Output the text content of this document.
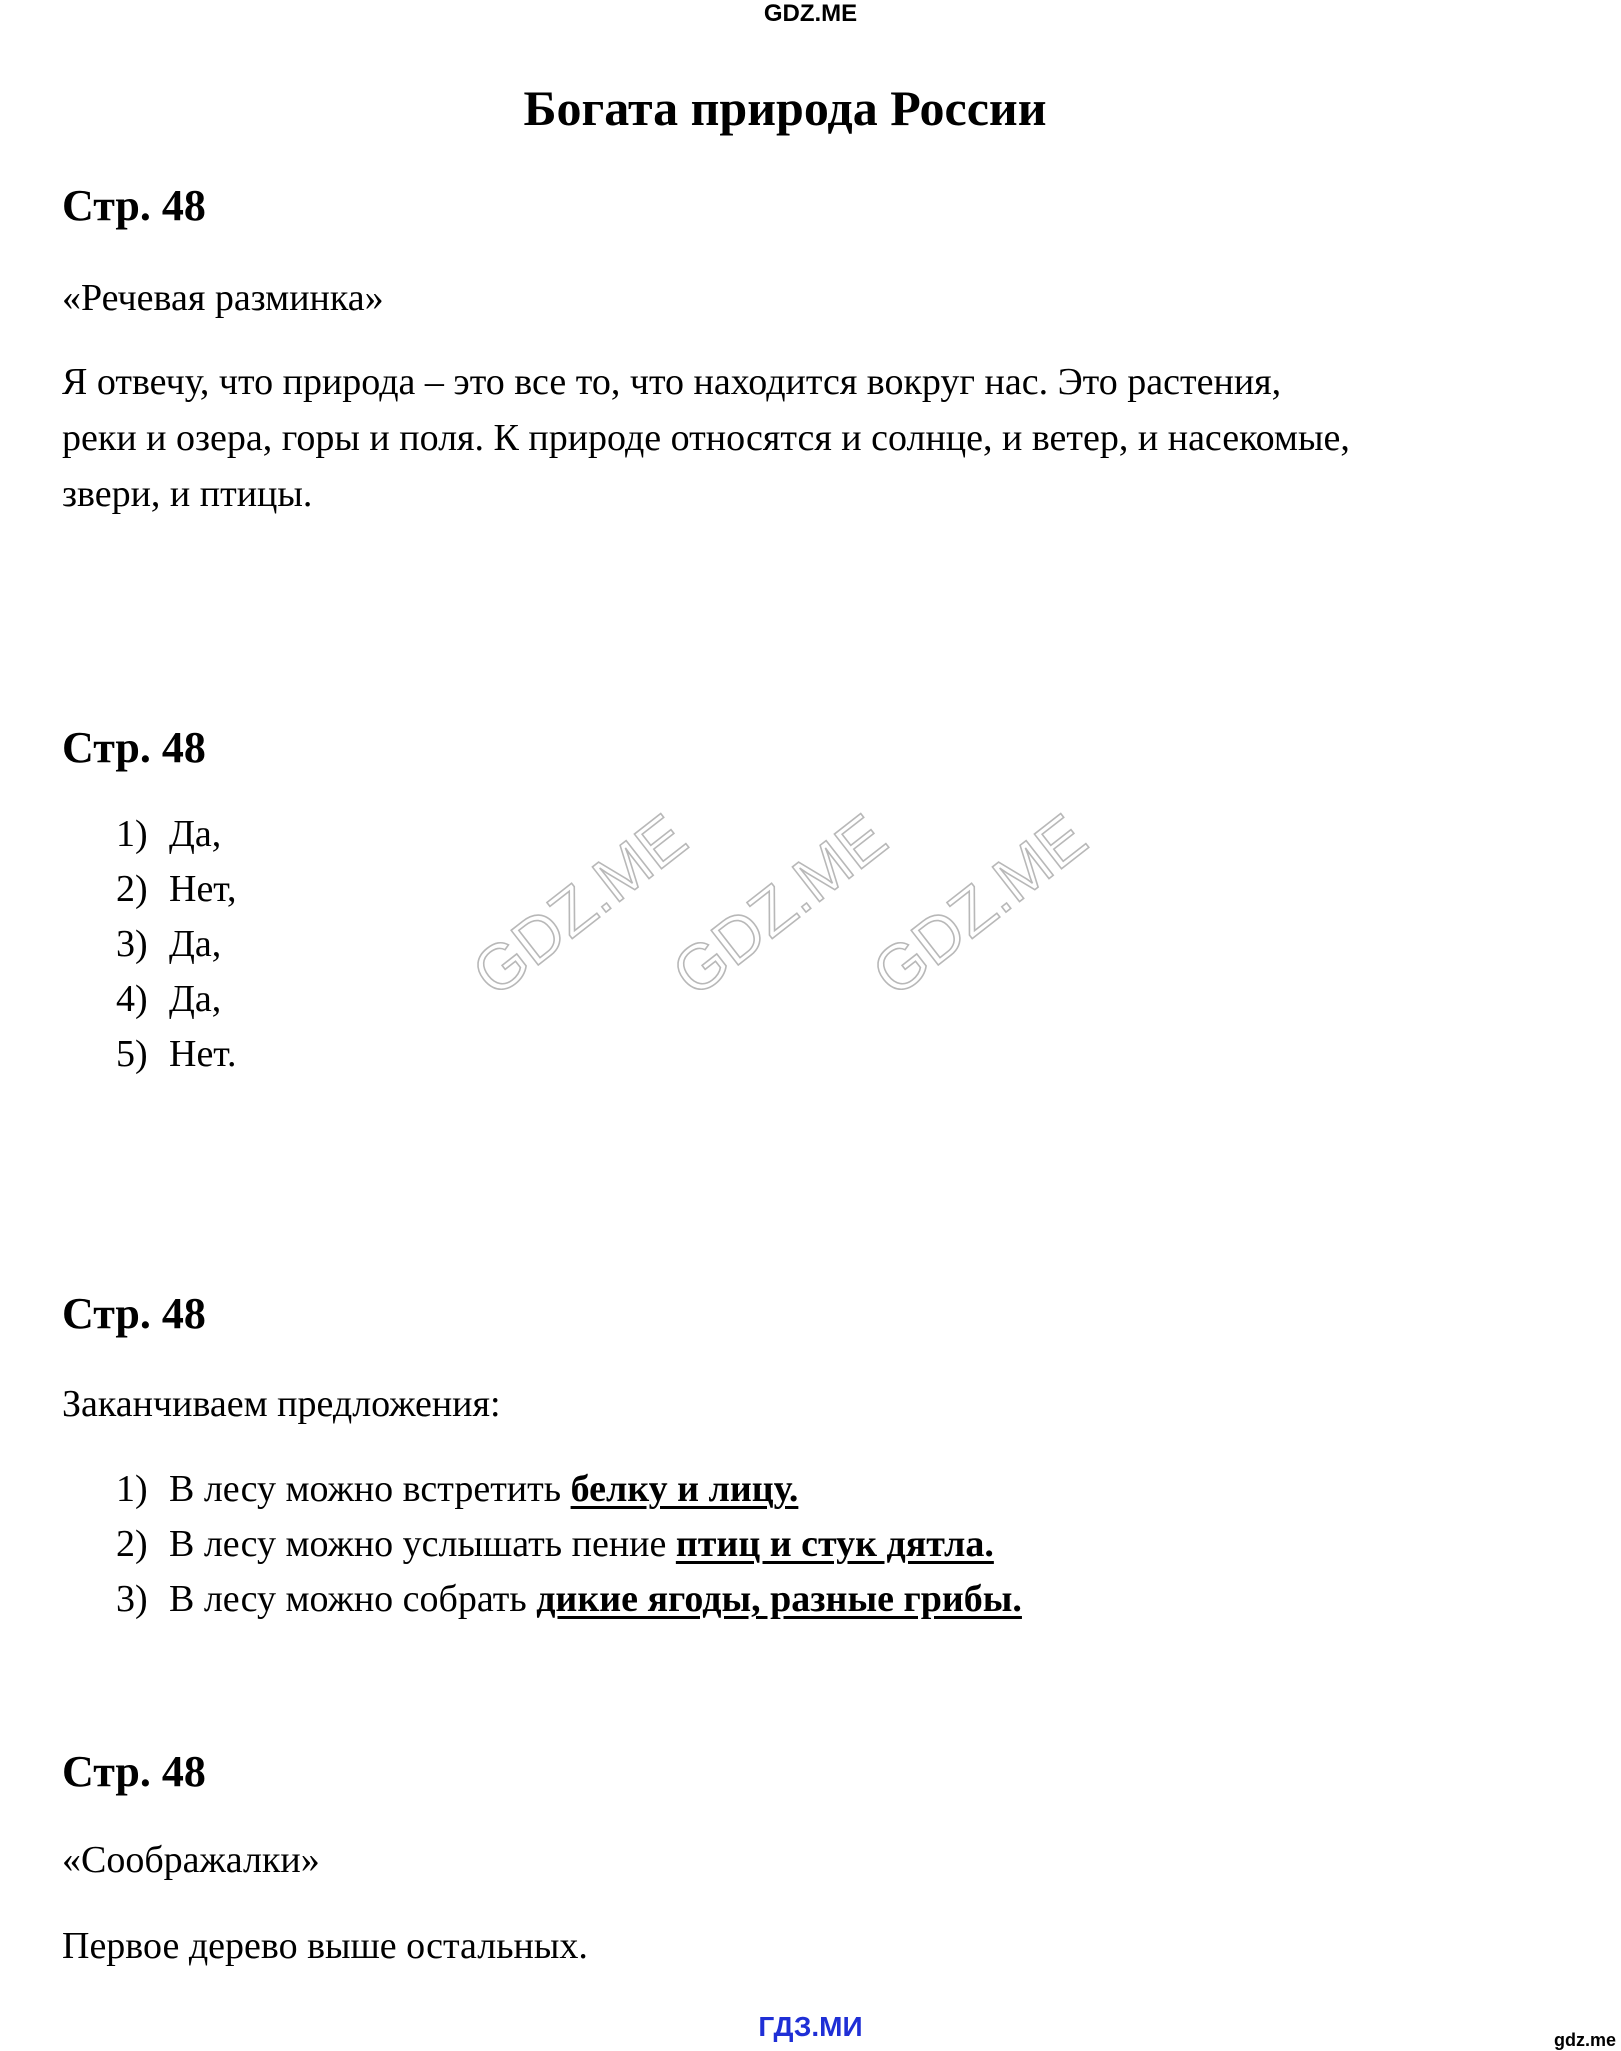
GDZ.ME
Богата природа России
Стр. 48
«Речевая разминка»
Я отвечу, что природа – это все то, что находится вокруг нас. Это растения,
реки и озера, горы и поля. К природе относятся и солнце, и ветер, и насекомые,
звери, и птицы.
Стр. 48
1) Да,
2) Нет,
3) Да,
4) Да,
5) Нет.
GDZ.ME
GDZ.ME
GDZ.ME
Стр. 48
Заканчиваем предложения:
1) В лесу можно встретить белку и лицу.
2) В лесу можно услышать пение птиц и стук дятла.
3) В лесу можно собрать дикие ягоды, разные грибы.
Стр. 48
«Соображалки»
Первое дерево выше остальных.
gdz.me
ГДЗ.МИ
